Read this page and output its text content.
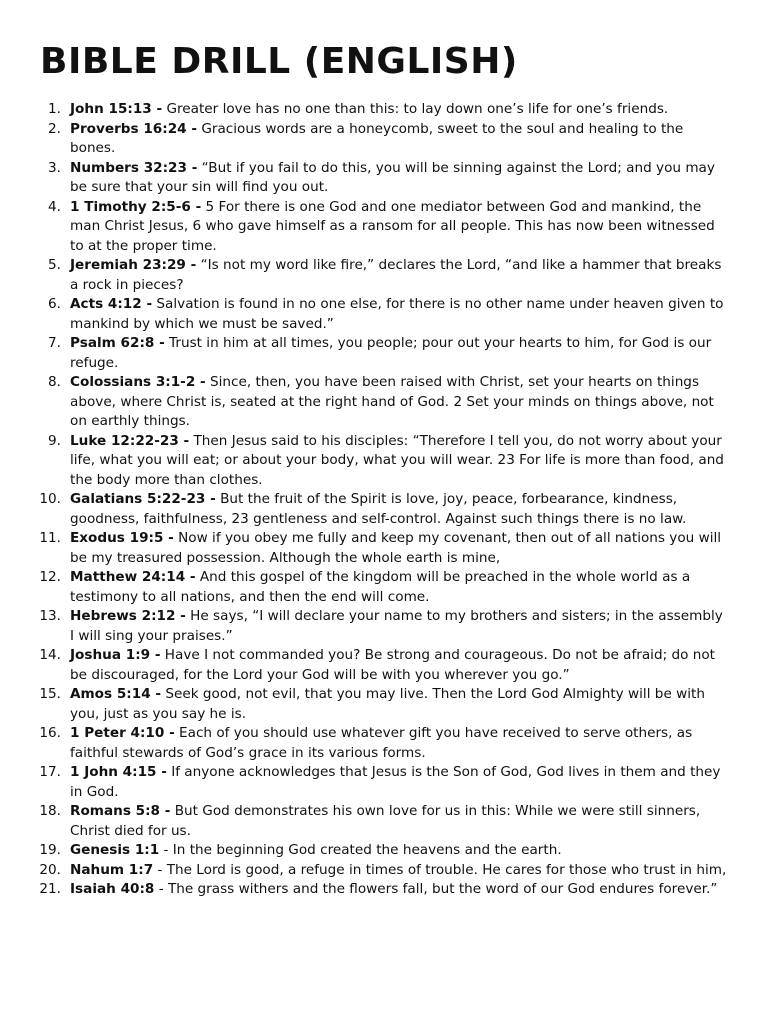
BIBLE DRILL (ENGLISH)
1. John 15:13 - Greater love has no one than this: to lay down one’s life for one’s friends.
2. Proverbs 16:24 - Gracious words are a honeycomb, sweet to the soul and healing to the bones.
3. Numbers 32:23 - “But if you fail to do this, you will be sinning against the Lord; and you may be sure that your sin will find you out.
4. 1 Timothy 2:5-6 - 5 For there is one God and one mediator between God and mankind, the man Christ Jesus, 6 who gave himself as a ransom for all people. This has now been witnessed to at the proper time.
5. Jeremiah 23:29 - “Is not my word like fire,” declares the Lord, “and like a hammer that breaks a rock in pieces?
6. Acts 4:12 - Salvation is found in no one else, for there is no other name under heaven given to mankind by which we must be saved.”
7. Psalm 62:8 - Trust in him at all times, you people; pour out your hearts to him, for God is our refuge.
8. Colossians 3:1-2 - Since, then, you have been raised with Christ, set your hearts on things above, where Christ is, seated at the right hand of God. 2 Set your minds on things above, not on earthly things.
9. Luke 12:22-23 - Then Jesus said to his disciples: “Therefore I tell you, do not worry about your life, what you will eat; or about your body, what you will wear. 23 For life is more than food, and the body more than clothes.
10. Galatians 5:22-23 - But the fruit of the Spirit is love, joy, peace, forbearance, kindness, goodness, faithfulness, 23 gentleness and self-control. Against such things there is no law.
11. Exodus 19:5 - Now if you obey me fully and keep my covenant, then out of all nations you will be my treasured possession. Although the whole earth is mine,
12. Matthew 24:14 - And this gospel of the kingdom will be preached in the whole world as a testimony to all nations, and then the end will come.
13. Hebrews 2:12 - He says, “I will declare your name to my brothers and sisters; in the assembly I will sing your praises.”
14. Joshua 1:9 - Have I not commanded you? Be strong and courageous. Do not be afraid; do not be discouraged, for the Lord your God will be with you wherever you go.”
15. Amos 5:14 - Seek good, not evil, that you may live. Then the Lord God Almighty will be with you, just as you say he is.
16. 1 Peter 4:10 - Each of you should use whatever gift you have received to serve others, as faithful stewards of God’s grace in its various forms.
17. 1 John 4:15 - If anyone acknowledges that Jesus is the Son of God, God lives in them and they in God.
18. Romans 5:8 - But God demonstrates his own love for us in this: While we were still sinners, Christ died for us.
19. Genesis 1:1 - In the beginning God created the heavens and the earth.
20. Nahum 1:7 - The Lord is good, a refuge in times of trouble. He cares for those who trust in him,
21. Isaiah 40:8 - The grass withers and the flowers fall, but the word of our God endures forever.”
